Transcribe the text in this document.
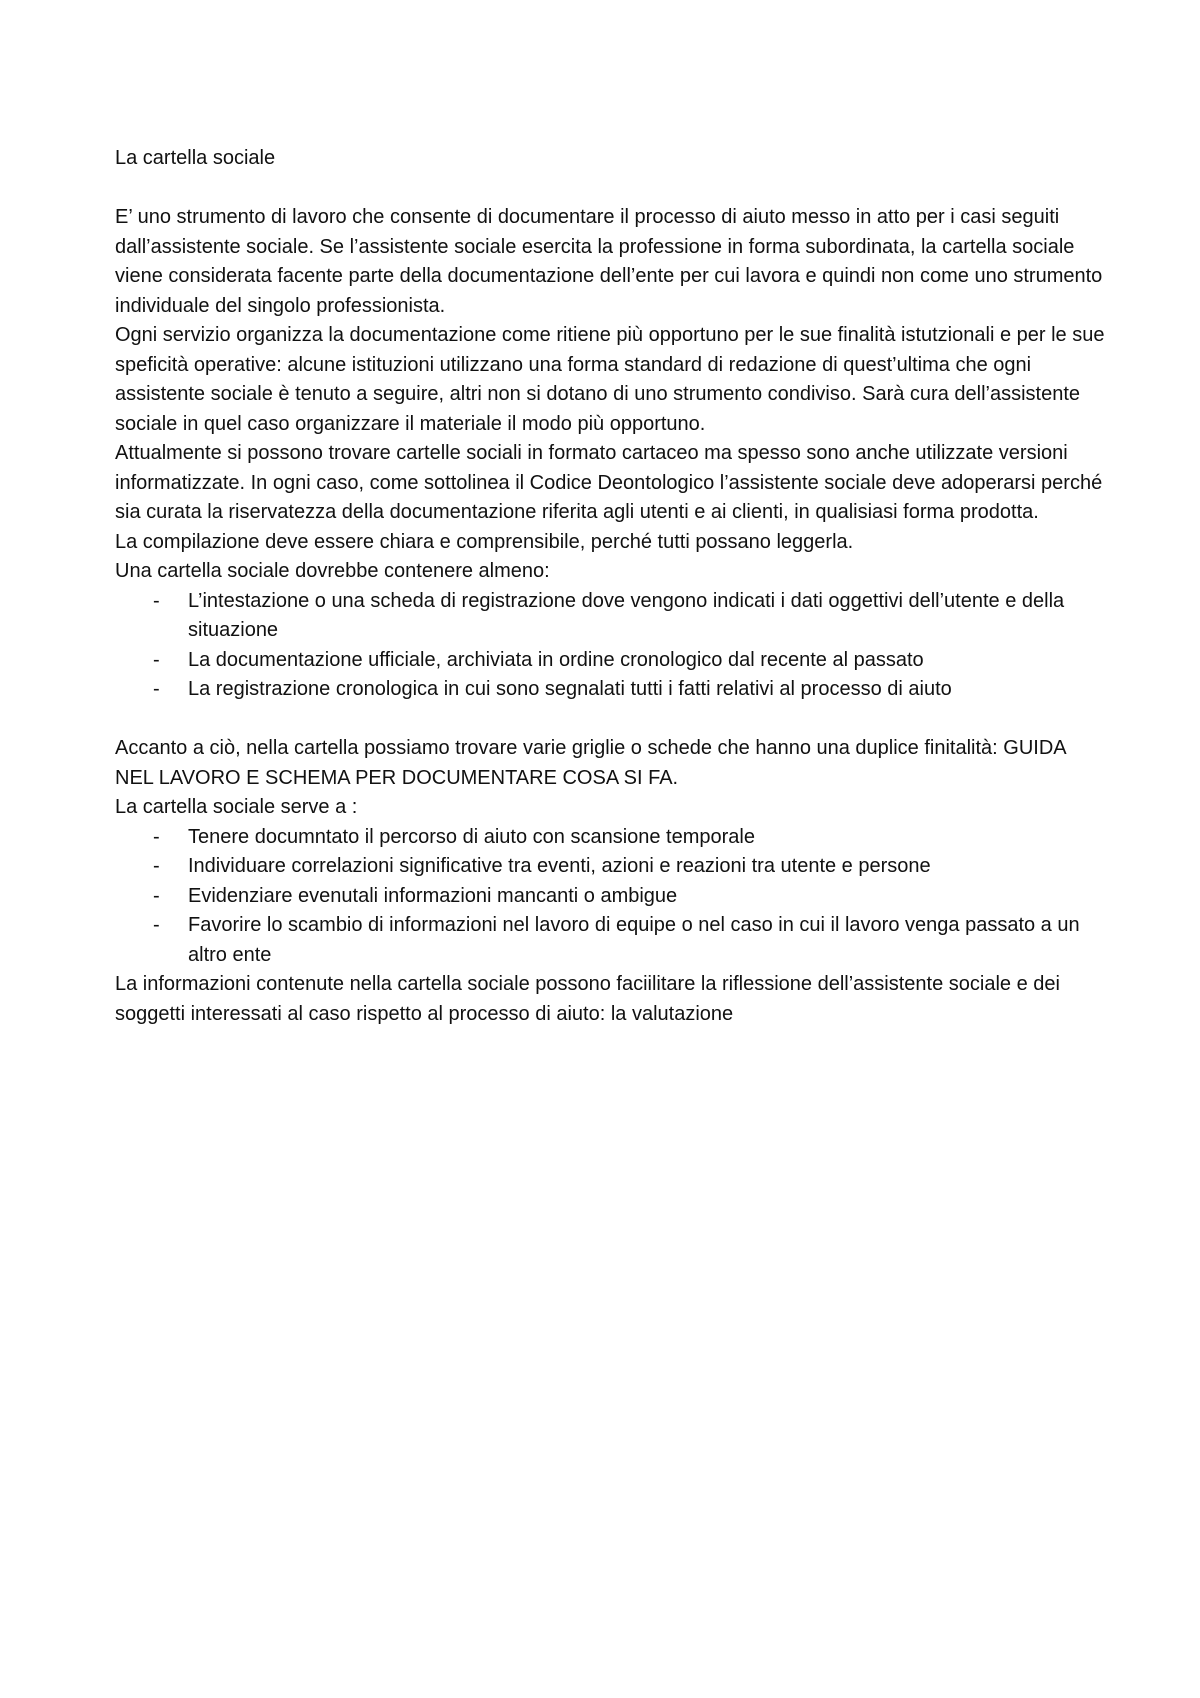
La cartella sociale

E’ uno strumento di lavoro che consente di documentare il processo di aiuto messo in atto per i casi seguiti dall’assistente sociale. Se l’assistente sociale esercita la professione in forma subordinata, la cartella sociale viene considerata facente parte della documentazione dell’ente per cui lavora e quindi non come uno strumento individuale del singolo professionista.

Ogni servizio organizza la documentazione come ritiene più opportuno per le sue finalità istutzionali e per le sue speficità operative: alcune istituzioni utilizzano una forma standard di redazione di quest’ultima che ogni assistente sociale è tenuto a seguire, altri non si dotano di uno strumento condiviso. Sarà cura dell’assistente sociale in quel caso organizzare il materiale il modo più opportuno.

Attualmente si possono trovare cartelle sociali in formato cartaceo ma spesso sono anche utilizzate versioni informatizzate. In ogni caso, come sottolinea il Codice Deontologico l’assistente sociale deve adoperarsi perché sia curata la riservatezza della documentazione riferita agli utenti e ai clienti, in qualisiasi forma prodotta.

La compilazione deve essere chiara e comprensibile, perché tutti possano leggerla.

Una cartella sociale dovrebbe contenere almeno:

- L’intestazione o una scheda di registrazione dove vengono indicati i dati oggettivi dell’utente e della situazione
- La documentazione ufficiale, archiviata in ordine cronologico dal recente al passato
- La registrazione cronologica in cui sono segnalati tutti i fatti relativi al processo di aiuto

Accanto a ciò, nella cartella possiamo trovare varie griglie o schede che hanno una duplice finitalità: GUIDA NEL LAVORO E SCHEMA PER DOCUMENTARE COSA SI FA.

La cartella sociale serve a :

- Tenere documntato il percorso di aiuto con scansione temporale
- Individuare correlazioni significative tra eventi, azioni e reazioni tra utente e persone
- Evidenziare evenutali informazioni mancanti o ambigue
- Favorire lo scambio di informazioni nel lavoro di equipe o nel caso in cui il lavoro venga passato a un altro ente

La informazioni contenute nella cartella sociale possono faciilitare la riflessione dell’assistente sociale e dei soggetti interessati al caso rispetto al processo di aiuto: la valutazione
